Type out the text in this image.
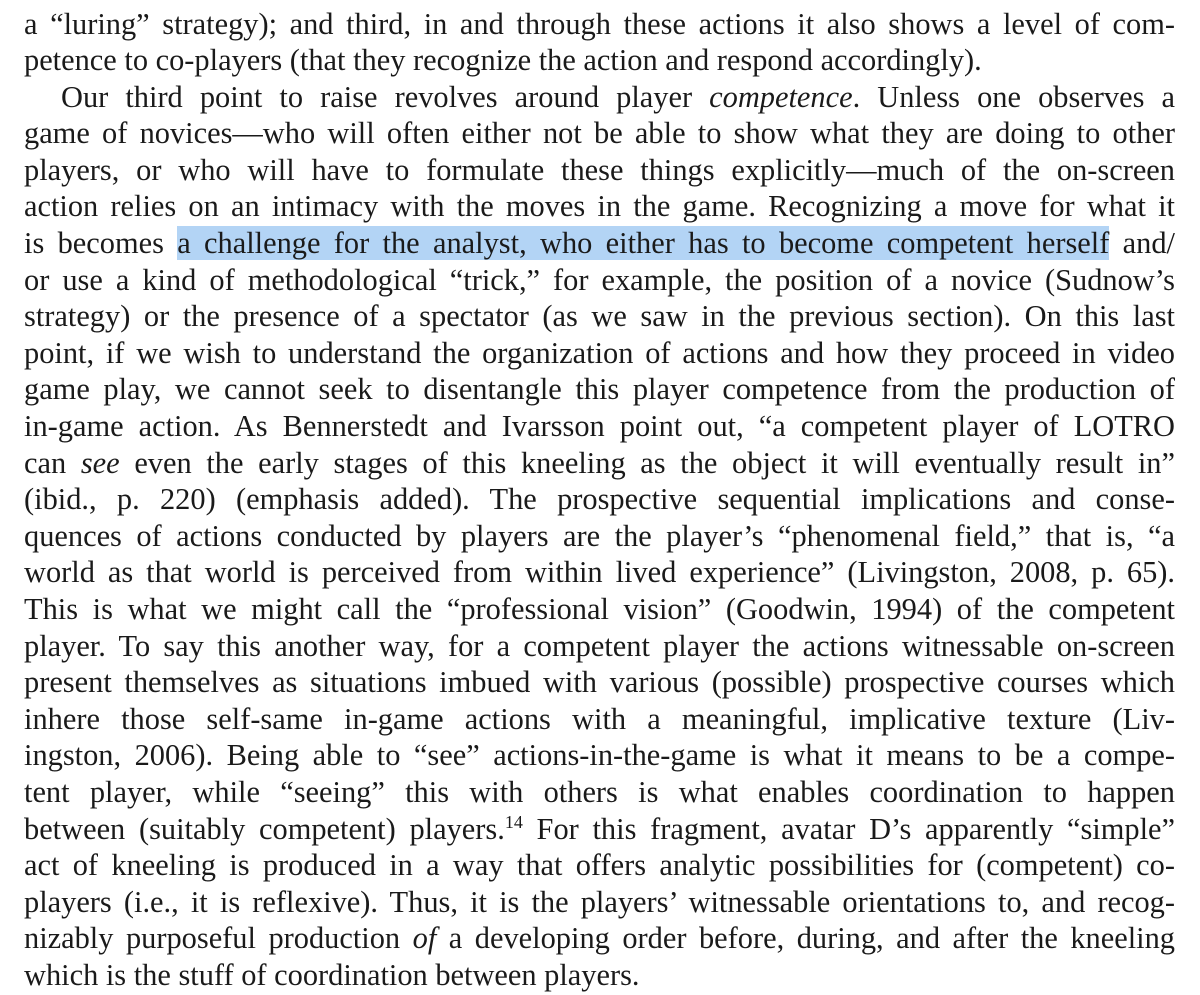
a “luring” strategy); and third, in and through these actions it also shows a level of com-
petence to co-players (that they recognize the action and respond accordingly).
Our third point to raise revolves around player competence. Unless one observes a
game of novices—who will often either not be able to show what they are doing to other
players, or who will have to formulate these things explicitly—much of the on-screen
action relies on an intimacy with the moves in the game. Recognizing a move for what it
is becomes a challenge for the analyst, who either has to become competent herself and/
or use a kind of methodological “trick,” for example, the position of a novice (Sudnow’s
strategy) or the presence of a spectator (as we saw in the previous section). On this last
point, if we wish to understand the organization of actions and how they proceed in video
game play, we cannot seek to disentangle this player competence from the production of
in-game action. As Bennerstedt and Ivarsson point out, “a competent player of LOTRO
can see even the early stages of this kneeling as the object it will eventually result in”
(ibid., p. 220) (emphasis added). The prospective sequential implications and conse-
quences of actions conducted by players are the player’s “phenomenal field,” that is, “a
world as that world is perceived from within lived experience” (Livingston, 2008, p. 65).
This is what we might call the “professional vision” (Goodwin, 1994) of the competent
player. To say this another way, for a competent player the actions witnessable on-screen
present themselves as situations imbued with various (possible) prospective courses which
inhere those self-same in-game actions with a meaningful, implicative texture (Liv-
ingston, 2006). Being able to “see” actions-in-the-game is what it means to be a compe-
tent player, while “seeing” this with others is what enables coordination to happen
between (suitably competent) players.$^{14}$ For this fragment, avatar D’s apparently “simple”
act of kneeling is produced in a way that offers analytic possibilities for (competent) co-
players (i.e., it is reflexive). Thus, it is the players’ witnessable orientations to, and recog-
nizably purposeful production of a developing order before, during, and after the kneeling
which is the stuff of coordination between players.
